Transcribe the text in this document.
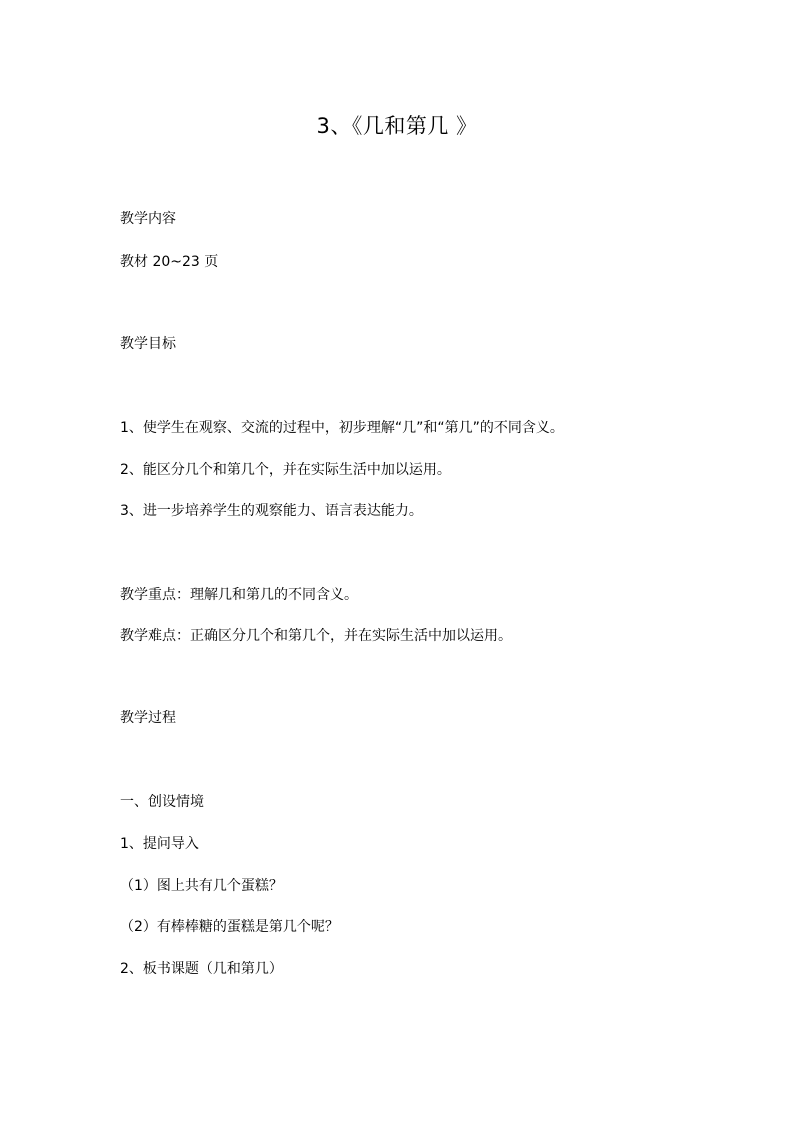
3、《几和第几 》
教学内容
教材 20~23 页
教学目标
1、使学生在观察、交流的过程中，初步理解“几”和“第几”的不同含义。
2、能区分几个和第几个，并在实际生活中加以运用。
3、进一步培养学生的观察能力、语言表达能力。
教学重点：理解几和第几的不同含义。
教学难点：正确区分几个和第几个，并在实际生活中加以运用。
教学过程
一、创设情境
1、提问导入
（1）图上共有几个蛋糕？
（2）有棒棒糖的蛋糕是第几个呢？
2、板书课题（几和第几）
